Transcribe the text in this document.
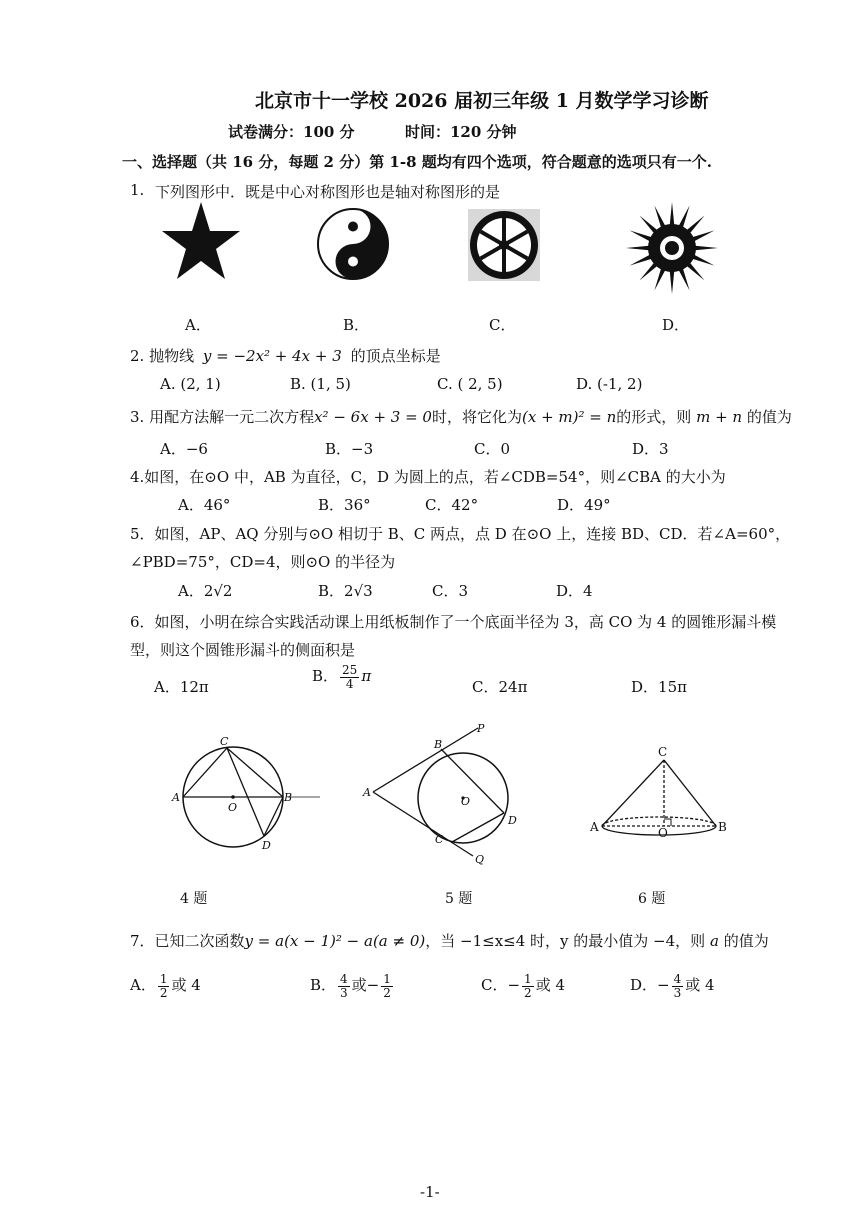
北京市十一学校 2026 届初三年级 1 月数学学习诊断
试卷满分：100 分	时间：120 分钟
一、选择题（共 16 分，每题 2 分）第 1-8 题均有四个选项，符合题意的选项只有一个.
1. 下列图形中．既是中心对称图形也是轴对称图形的是
A．	B．	C．	D．
2. 抛物线 y = −2x² + 4x + 3 的顶点坐标是
A. (2, 1)	B. (1, 5)	C. ( 2, 5)	D. (-1, 2)
3. 用配方法解一元二次方程x² − 6x + 3 = 0时，将它化为(x + m)² = n的形式，则 m + n 的值为
A．−6	B．−3	C．0	D．3
4.如图，在⊙O 中，AB 为直径，C，D 为圆上的点，若∠CDB=54°，则∠CBA 的大小为
A．46°	B．36°	C．42°	D．49°
5．如图，AP、AQ 分别与⊙O 相切于 B、C 两点，点 D 在⊙O 上，连接 BD、CD．若∠A=60°，
∠PBD=75°，CD=4，则⊙O 的半径为
A．2√2	B．2√3	C．3	D．4
6．如图，小明在综合实践活动课上用纸板制作了一个底面半径为 3，高 CO 为 4 的圆锥形漏斗模
型，则这个圆锥形漏斗的侧面积是
A．12π
B． $\frac{25}{4}$ π
C．24π	D．15π
C
A
O
B
D
B
P
A
O
D
C
Q
C
A	O	B
4 题	5 题	6 题
7．已知二次函数y = a(x − 1)² − a(a ≠ 0)，当 −1≤x≤4 时，y 的最小值为 −4，则 a 的值为
A． $\frac{1}{2}$ 或 4	B． $\frac{4}{3}$ 或− $\frac{1}{2}$	C．− $\frac{1}{2}$ 或 4	D．− $\frac{4}{3}$ 或 4
-1-
